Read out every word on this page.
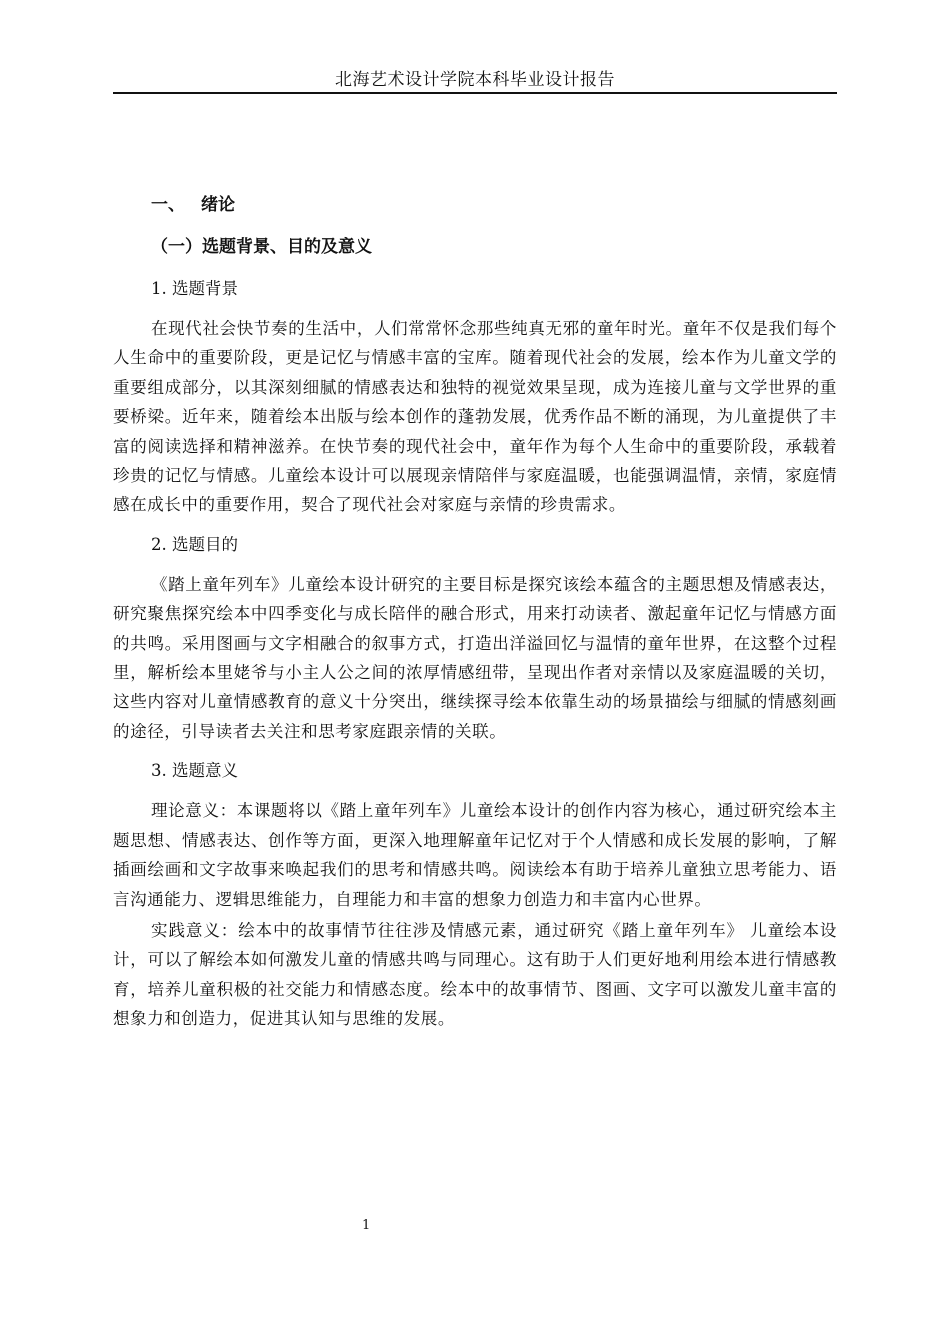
北海艺术设计学院本科毕业设计报告
一、 绪论
（一）选题背景、目的及意义
1. 选题背景

在现代社会快节奏的生活中，人们常常怀念那些纯真无邪的童年时光。童年不仅是我们每个人生命中的重要阶段，更是记忆与情感丰富的宝库。随着现代社会的发展，绘本作为儿童文学的重要组成部分，以其深刻细腻的情感表达和独特的视觉效果呈现，成为连接儿童与文学世界的重要桥梁。近年来，随着绘本出版与绘本创作的蓬勃发展，优秀作品不断的涌现，为儿童提供了丰富的阅读选择和精神滋养。在快节奏的现代社会中，童年作为每个人生命中的重要阶段，承载着珍贵的记忆与情感。儿童绘本设计可以展现亲情陪伴与家庭温暖，也能强调温情，亲情，家庭情感在成长中的重要作用，契合了现代社会对家庭与亲情的珍贵需求。

2. 选题目的

《踏上童年列车》儿童绘本设计研究的主要目标是探究该绘本蕴含的主题思想及情感表达，研究聚焦探究绘本中四季变化与成长陪伴的融合形式，用来打动读者、激起童年记忆与情感方面的共鸣。采用图画与文字相融合的叙事方式，打造出洋溢回忆与温情的童年世界，在这整个过程里，解析绘本里姥爷与小主人公之间的浓厚情感纽带，呈现出作者对亲情以及家庭温暖的关切，这些内容对儿童情感教育的意义十分突出，继续探寻绘本依靠生动的场景描绘与细腻的情感刻画的途径，引导读者去关注和思考家庭跟亲情的关联。

3. 选题意义

理论意义：本课题将以《踏上童年列车》儿童绘本设计的创作内容为核心，通过研究绘本主题思想、情感表达、创作等方面，更深入地理解童年记忆对于个人情感和成长发展的影响，了解插画绘画和文字故事来唤起我们的思考和情感共鸣。阅读绘本有助于培养儿童独立思考能力、语言沟通能力、逻辑思维能力，自理能力和丰富的想象力创造力和丰富内心世界。

实践意义：绘本中的故事情节往往涉及情感元素，通过研究《踏上童年列车》 儿童绘本设计，可以了解绘本如何激发儿童的情感共鸣与同理心。这有助于人们更好地利用绘本进行情感教育，培养儿童积极的社交能力和情感态度。绘本中的故事情节、图画、文字可以激发儿童丰富的想象力和创造力，促进其认知与思维的发展。

1
